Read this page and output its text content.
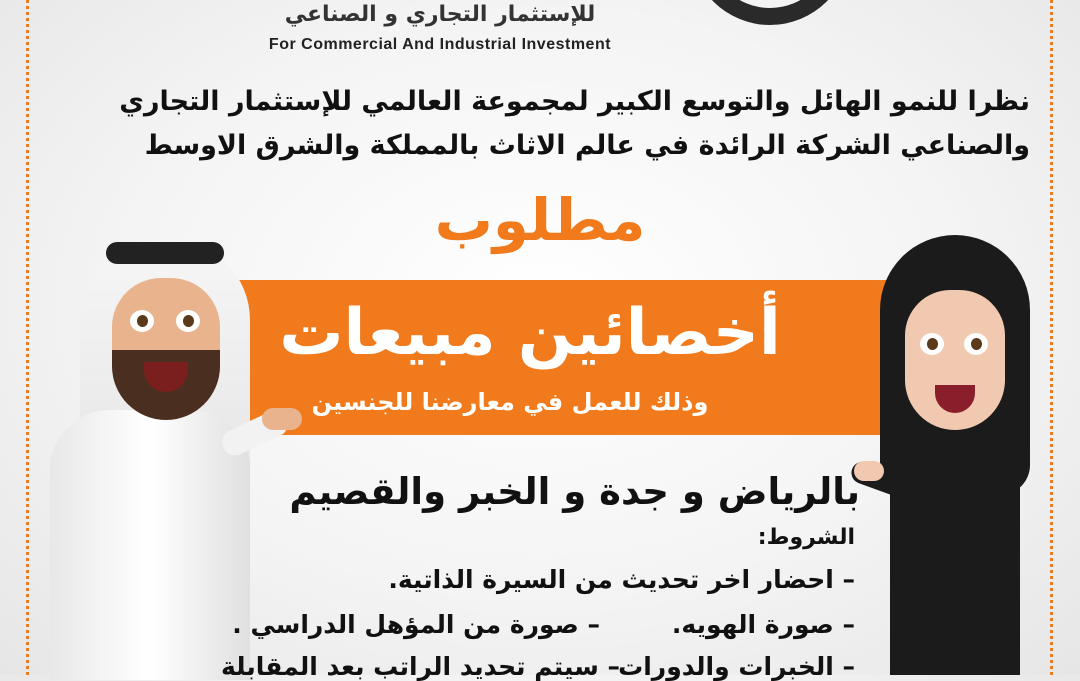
للإستثمار التجاري و الصناعي
For Commercial And Industrial Investment
نظرا للنمو الهائل والتوسع الكبير لمجموعة العالمي للإستثمار التجاري
والصناعي الشركة الرائدة في عالم الاثاث بالمملكة والشرق الاوسط
مطلوب
أخصائين مبيعات
وذلك للعمل في معارضنا للجنسين
بالرياض و جدة و الخبر والقصيم
الشروط:
– احضار اخر تحديث من السيرة الذاتية.
– صورة الهويه.
– صورة من المؤهل الدراسي .
– الخبرات والدورات
– سيتم تحديد الراتب بعد المقابلة
